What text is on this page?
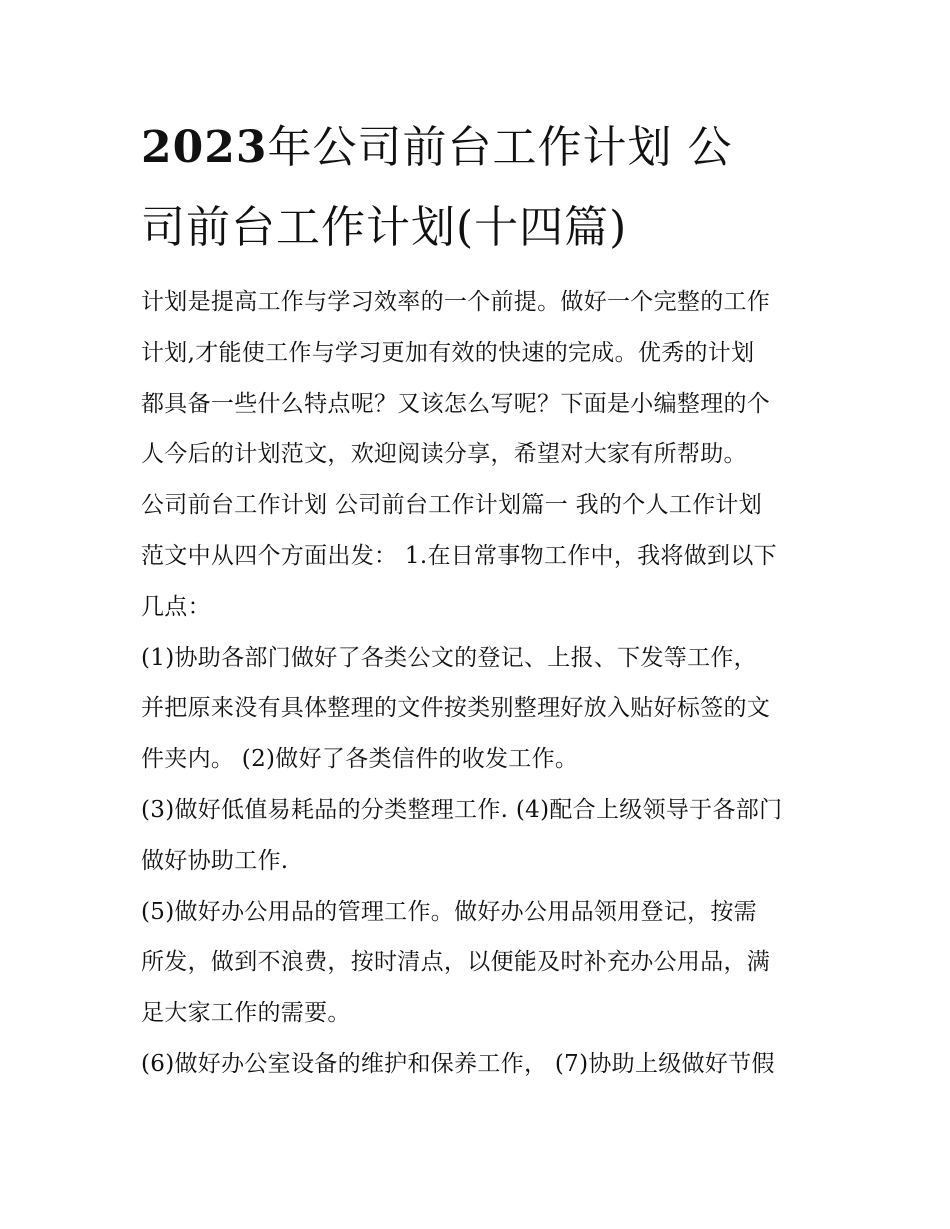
2023年公司前台工作计划 公
司前台工作计划(十四篇)
计划是提高工作与学习效率的一个前提。做好一个完整的工作
计划,才能使工作与学习更加有效的快速的完成。优秀的计划
都具备一些什么特点呢？又该怎么写呢？下面是小编整理的个
人今后的计划范文，欢迎阅读分享，希望对大家有所帮助。
公司前台工作计划 公司前台工作计划篇一 我的个人工作计划
范文中从四个方面出发： 1.在日常事物工作中，我将做到以下
几点：
(1)协助各部门做好了各类公文的登记、上报、下发等工作，
并把原来没有具体整理的文件按类别整理好放入贴好标签的文
件夹内。 (2)做好了各类信件的收发工作。
(3)做好低值易耗品的分类整理工作. (4)配合上级领导于各部门
做好协助工作.
(5)做好办公用品的管理工作。做好办公用品领用登记，按需
所发，做到不浪费，按时清点，以便能及时补充办公用品，满
足大家工作的需要。
(6)做好办公室设备的维护和保养工作， (7)协助上级做好节假
